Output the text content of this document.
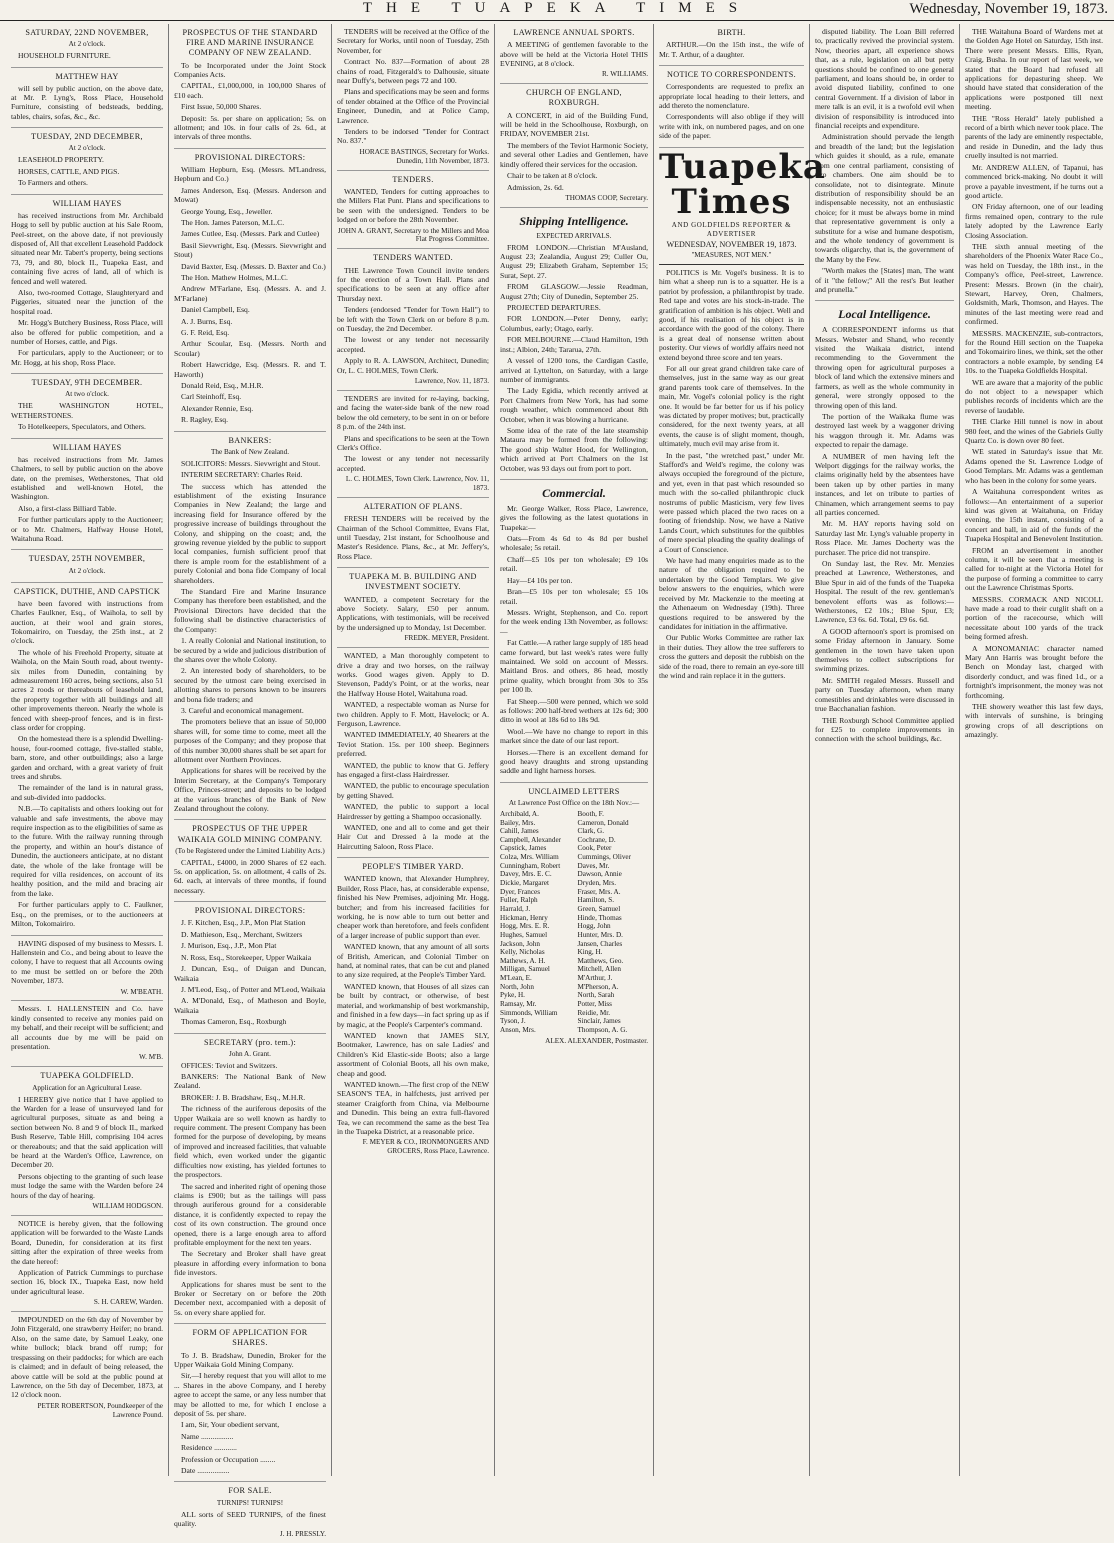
THE TUAPEKA TIMES	Wednesday, November 19, 1873.
SATURDAY, 22ND NOVEMBER,
At 2 o'clock.

HOUSEHOLD FURNITURE.

MATTHEW HAY

will sell by public auction, on the above date, at Mr. P. Lyng's, Ross Place, Household Furniture, consisting of bedsteads, bedding, tables, chairs, sofas, &c., &c.

TUESDAY, 2ND DECEMBER,
At 2 o'clock.

LEASEHOLD PROPERTY.

HORSES, CATTLE, AND PIGS.

To Farmers and others.

WILLIAM HAYES

has received instructions from Mr. Archibald Hogg to sell by public auction at his Sale Room, Peel-street, on the above date, if not previously disposed of, All that excellent Leasehold Paddock situated near Mr. Tabert's property, being sections 73, 79, and 80, block II., Tuapeka East, and containing five acres of land, all of which is fenced and well watered.

Also, two-roomed Cottage, Slaughteryard and Piggeries, situated near the junction of the hospital road.

Mr. Hogg's Butchery Business, Ross Place, will also be offered for public competition, and a number of Horses, cattle, and Pigs.

For particulars, apply to the Auctioneer; or to Mr. Hogg, at his shop, Ross Place.

TUESDAY, 9TH DECEMBER.
At two o'clock.

THE WASHINGTON HOTEL, WETHERSTONES.

To Hotelkeepers, Speculators, and Others.

WILLIAM HAYES

has received instructions from Mr. James Chalmers, to sell by public auction on the above date, on the premises, Wetherstones, That old established and well-known Hotel, the Washington.

Also, a first-class Billiard Table.

For further particulars apply to the Auctioneer; or to Mr. Chalmers, Halfway House Hotel, Waitahuna Road.

TUESDAY, 25TH NOVEMBER,
At 2 o'clock.
CAPSTICK, DUTHIE, AND CAPSTICK

have been favored with instructions from Charles Faulkner, Esq., of Waihola, to sell by auction, at their wool and grain stores, Tokomairiro, on Tuesday, the 25th inst., at 2 o'clock.

The whole of his Freehold Property, situate at Waihola, on the Main South road, about twenty-six miles from Dunedin, containing by admeasurement 160 acres, being sections, also 51 acres 2 roods or thereabouts of leasehold land, the property together with all buildings and all other improvements thereon. Nearly the whole is fenced with sheep-proof fences, and is in first-class order for cropping.

On the homestead there is a splendid Dwelling-house, four-roomed cottage, five-stalled stable, barn, store, and other outbuildings; also a large garden and orchard, with a great variety of fruit trees and shrubs.

The remainder of the land is in natural grass, and sub-divided into paddocks.

N.B.—To capitalists and others looking out for valuable and safe investments, the above may require inspection as to the eligibilities of same as to the future. With the railway running through the property, and within an hour's distance of Dunedin, the auctioneers anticipate, at no distant date, the whole of the lake frontage will be required for villa residences, on account of its healthy position, and the mild and bracing air from the lake.

For further particulars apply to C. Faulkner, Esq., on the premises, or to the auctioneers at Milton, Tokomairiro.

HAVING disposed of my business to Messrs. I. Hallenstein and Co., and being about to leave the colony, I have to request that all Accounts owing to me must be settled on or before the 20th November, 1873.

W. M'BEATH.

Messrs. I. HALLENSTEIN and Co. have kindly consented to receive any monies paid on my behalf, and their receipt will be sufficient; and all accounts due by me will be paid on presentation.

W. M'B.
TUAPEKA GOLDFIELD.
Application for an Agricultural Lease.

I HEREBY give notice that I have applied to the Warden for a lease of unsurveyed land for agricultural purposes, situate as and being a section between No. 8 and 9 of block II., marked Bush Reserve, Table Hill, comprising 104 acres or thereabouts; and that the said application will be heard at the Warden's Office, Lawrence, on December 20.

Persons objecting to the granting of such lease must lodge the same with the Warden before 24 hours of the day of hearing.

WILLIAM HODGSON.

NOTICE is hereby given, that the following application will be forwarded to the Waste Lands Board, Dunedin, for consideration at its first sitting after the expiration of three weeks from the date hereof:

Application of Patrick Cummings to purchase section 16, block IX., Tuapeka East, now held under agricultural lease.

S. H. CAREW, Warden.

IMPOUNDED on the 6th day of November by John Fitzgerald, one strawberry Heifer; no brand. Also, on the same date, by Samuel Leaky, one white bullock; black brand off rump; for trespassing on their paddocks; for which are each is claimed; and in default of being released, the above cattle will be sold at the public pound at Lawrence, on the 5th day of December, 1873, at 12 o'clock noon.

PETER ROBERTSON, Poundkeeper of the Lawrence Pound.
PROSPECTUS OF THE STANDARD FIRE AND MARINE INSURANCE COMPANY OF NEW ZEALAND.

To be Incorporated under the Joint Stock Companies Acts.

CAPITAL, £1,000,000, in 100,000 Shares of £10 each.

First Issue, 50,000 Shares.

Deposit: 5s. per share on application; 5s. on allotment; and 10s. in four calls of 2s. 6d., at intervals of three months.

PROVISIONAL DIRECTORS:

William Hepburn, Esq. (Messrs. M'Landress, Hepburn and Co.)

James Anderson, Esq. (Messrs. Anderson and Mowat)

George Young, Esq., Jeweller.

The Hon. James Paterson, M.L.C.

James Cutlee, Esq. (Messrs. Park and Cutlee)

Basil Sievwright, Esq. (Messrs. Sievwright and Stout)

David Baxter, Esq. (Messrs. D. Baxter and Co.)

The Hon. Mathew Holmes, M.L.C.

Andrew M'Farlane, Esq. (Messrs. A. and J. M'Farlane)

Daniel Campbell, Esq.

A. J. Burns, Esq.

G. F. Reid, Esq.

Arthur Scoular, Esq. (Messrs. North and Scoular)

Robert Hawcridge, Esq. (Messrs. R. and T. Haworth)

Donald Reid, Esq., M.H.R.

Carl Steinhoff, Esq.

Alexander Rennie, Esq.

R. Ragley, Esq.

BANKERS:
The Bank of New Zealand.

SOLICITORS: Messrs. Sievwright and Stout.

INTERIM SECRETARY: Charles Reid.

The success which has attended the establishment of the existing Insurance Companies in New Zealand; the large and increasing field for Insurance offered by the progressive increase of buildings throughout the Colony, and shipping on the coast; and, the growing revenue yielded by the public to support local companies, furnish sufficient proof that there is ample room for the establishment of a purely Colonial and bona fide Company of local shareholders.

The Standard Fire and Marine Insurance Company has therefore been established, and the Provisional Directors have decided that the following shall be distinctive characteristics of the Company:

1. A really Colonial and National institution, to be secured by a wide and judicious distribution of the shares over the whole Colony.

2. An interested body of shareholders, to be secured by the utmost care being exercised in allotting shares to persons known to be insurers and bona fide traders; and

3. Careful and economical management.

The promoters believe that an issue of 50,000 shares will, for some time to come, meet all the purposes of the Company; and they propose that of this number 30,000 shares shall be set apart for allotment over Northern Provinces.

Applications for shares will be received by the Interim Secretary, at the Company's Temporary Office, Princes-street; and deposits to be lodged at the various branches of the Bank of New Zealand throughout the colony.

PROSPECTUS OF THE UPPER WAIKAIA GOLD MINING COMPANY.
(To be Registered under the Limited Liability Acts.)

CAPITAL, £4000, in 2000 Shares of £2 each. 5s. on application, 5s. on allotment, 4 calls of 2s. 6d. each, at intervals of three months, if found necessary.

PROVISIONAL DIRECTORS:

J. F. Kitchen, Esq., J.P., Mon Plat Station

D. Mathieson, Esq., Merchant, Switzers

J. Murison, Esq., J.P., Mon Plat

N. Ross, Esq., Storekeeper, Upper Waikaia

J. Duncan, Esq., of Duigan and Duncan, Waikaia

J. M'Leod, Esq., of Potter and M'Leod, Waikaia

A. M'Donald, Esq., of Matheson and Boyle, Waikaia

Thomas Cameron, Esq., Roxburgh

SECRETARY (pro. tem.):
John A. Grant.

OFFICES: Teviot and Switzers.

BANKERS: The National Bank of New Zealand.

BROKER: J. B. Bradshaw, Esq., M.H.R.

The richness of the auriferous deposits of the Upper Waikaia are so well known as hardly to require comment. The present Company has been formed for the purpose of developing, by means of improved and increased facilities, that valuable field which, even worked under the gigantic difficulties now existing, has yielded fortunes to the prospectors.

The sacred and inherited right of opening those claims is £900; but as the tailings will pass through auriferous ground for a considerable distance, it is confidently expected to repay the cost of its own construction. The ground once opened, there is a large enough area to afford profitable employment for the next ten years.

The Secretary and Broker shall have great pleasure in affording every information to bona fide investors.

Applications for shares must be sent to the Broker or Secretary on or before the 20th December next, accompanied with a deposit of 5s. on every share applied for.

FORM OF APPLICATION FOR SHARES.

To J. B. Bradshaw, Dunedin, Broker for the Upper Waikaia Gold Mining Company.

Sir,—I hereby request that you will allot to me ... Shares in the above Company, and I hereby agree to accept the same, or any less number that may be allotted to me, for which I enclose a deposit of 5s. per share.

I am, Sir, Your obedient servant,

Name .................

Residence ............

Profession or Occupation ........

Date .................

FOR SALE.
TURNIPS! TURNIPS!

ALL sorts of SEED TURNIPS, of the finest quality.

J. H. PRESSLY.

TENDERS will be received at the Office of the Secretary for Works, until noon of Tuesday, 25th November, for

Contract No. 837—Formation of about 28 chains of road, Fitzgerald's to Dalhousie, situate near Duffy's, between pegs 72 and 100.

Plans and specifications may be seen and forms of tender obtained at the Office of the Provincial Engineer, Dunedin, and at Police Camp, Lawrence.

Tenders to be indorsed "Tender for Contract No. 837."

HORACE BASTINGS, Secretary for Works. Dunedin, 11th November, 1873.
TENDERS.

WANTED, Tenders for cutting approaches to the Millers Flat Punt. Plans and specifications to be seen with the undersigned. Tenders to be lodged on or before the 28th November.

JOHN A. GRANT, Secretary to the Millers and Moa Flat Progress Committee.
TENDERS WANTED.

THE Lawrence Town Council invite tenders for the erection of a Town Hall. Plans and specifications to be seen at any office after Thursday next.

Tenders (endorsed "Tender for Town Hall") to be left with the Town Clerk on or before 8 p.m. on Tuesday, the 2nd December.

The lowest or any tender not necessarily accepted.

Apply to R. A. LAWSON, Architect, Dunedin; Or, L. C. HOLMES, Town Clerk.

Lawrence, Nov. 11, 1873.

TENDERS are invited for re-laying, backing, and facing the water-side bank of the new road below the old cemetery, to be sent in on or before 8 p.m. of the 24th inst.

Plans and specifications to be seen at the Town Clerk's Office.

The lowest or any tender not necessarily accepted.

L. C. HOLMES, Town Clerk. Lawrence, Nov. 11, 1873.
ALTERATION OF PLANS.

FRESH TENDERS will be received by the Chairman of the School Committee, Evans Flat, until Tuesday, 21st instant, for Schoolhouse and Master's Residence. Plans, &c., at Mr. Jeffery's, Ross Place.

TUAPEKA M. B. BUILDING AND INVESTMENT SOCIETY.

WANTED, a competent Secretary for the above Society. Salary, £50 per annum. Applications, with testimonials, will be received by the undersigned up to Monday, 1st December.

FREDK. MEYER, President.

WANTED, a Man thoroughly competent to drive a dray and two horses, on the railway works. Good wages given. Apply to D. Stevenson, Paddy's Point, or at the works, near the Halfway House Hotel, Waitahuna road.

WANTED, a respectable woman as Nurse for two children. Apply to F. Mott, Havelock; or A. Ferguson, Lawrence.

WANTED IMMEDIATELY, 40 Shearers at the Teviot Station. 15s. per 100 sheep. Beginners preferred.

WANTED, the public to know that G. Jeffery has engaged a first-class Hairdresser.

WANTED, the public to encourage speculation by getting Shaved.

WANTED, the public to support a local Hairdresser by getting a Shampoo occasionally.

WANTED, one and all to come and get their Hair Cut and Dressed à la mode at the Haircutting Saloon, Ross Place.

PEOPLE'S TIMBER YARD.

WANTED known, that Alexander Humphrey, Builder, Ross Place, has, at considerable expense, finished his New Premises, adjoining Mr. Hogg, butcher; and from his increased facilities for working, he is now able to turn out better and cheaper work than heretofore, and feels confident of a larger increase of public support than ever.

WANTED known, that any amount of all sorts of British, American, and Colonial Timber on hand, at nominal rates, that can be cut and planed to any size required, at the People's Timber Yard.

WANTED known, that Houses of all sizes can be built by contract, or otherwise, of best material, and workmanship of best workmanship, and finished in a few days—in fact spring up as if by magic, at the People's Carpenter's command.

WANTED known that JAMES SLY, Bootmaker, Lawrence, has on sale Ladies' and Children's Kid Elastic-side Boots; also a large assortment of Colonial Boots, all his own make, cheap and good.

WANTED known.—The first crop of the NEW SEASON'S TEA, in halfchests, just arrived per steamer Craigforth from China, via Melbourne and Dunedin. This being an extra full-flavored Tea, we can recommend the same as the best Tea in the Tuapeka District, at a reasonable price.

F. MEYER & CO., IRONMONGERS AND GROCERS, Ross Place, Lawrence.
LAWRENCE ANNUAL SPORTS.

A MEETING of gentlemen favorable to the above will be held at the Victoria Hotel THIS EVENING, at 8 o'clock.

R. WILLIAMS.
CHURCH OF ENGLAND, ROXBURGH.

A CONCERT, in aid of the Building Fund, will be held in the Schoolhouse, Roxburgh, on FRIDAY, NOVEMBER 21st.

The members of the Teviot Harmonic Society, and several other Ladies and Gentlemen, have kindly offered their services for the occasion.

Chair to be taken at 8 o'clock.

Admission, 2s. 6d.

THOMAS COOP, Secretary.
Shipping Intelligence.
EXPECTED ARRIVALS.

FROM LONDON.—Christian M'Ausland, August 23; Zealandia, August 29; Culler Ou, August 29; Elizabeth Graham, September 15; Surat, Sept. 27.

FROM GLASGOW.—Jessie Readman, August 27th; City of Dunedin, September 25.

PROJECTED DEPARTURES.

FOR LONDON.—Peter Denny, early; Columbus, early; Otago, early.

FOR MELBOURNE.—Claud Hamilton, 19th inst.; Albion, 24th; Tararua, 27th.

A vessel of 1200 tons, the Cardigan Castle, arrived at Lyttelton, on Saturday, with a large number of immigrants.

The Lady Egidia, which recently arrived at Port Chalmers from New York, has had some rough weather, which commenced about 8th October, when it was blowing a hurricane.

Some idea of the rate of the late steamship Mataura may be formed from the following: The good ship Walter Hood, for Wellington, which arrived at Port Chalmers on the 1st October, was 93 days out from port to port.

Commercial.

Mr. George Walker, Ross Place, Lawrence, gives the following as the latest quotations in Tuapeka:—

Oats—From 4s 6d to 4s 8d per bushel wholesale; 5s retail.

Chaff—£5 10s per ton wholesale; £9 10s retail.

Hay—£4 10s per ton.

Bran—£5 10s per ton wholesale; £5 10s retail.

Messrs. Wright, Stephenson, and Co. report for the week ending 13th November, as follows:—

Fat Cattle.—A rather large supply of 185 head came forward, but last week's rates were fully maintained. We sold on account of Messrs. Maitland Bros. and others, 86 head, mostly prime quality, which brought from 30s to 35s per 100 lb.

Fat Sheep.—500 were penned, which we sold as follows: 200 half-bred wethers at 12s 6d; 300 ditto in wool at 18s 6d to 18s 9d.

Wool.—We have no change to report in this market since the date of our last report.

Horses.—There is an excellent demand for good heavy draughts and strong upstanding saddle and light harness horses.

UNCLAIMED LETTERS
At Lawrence Post Office on the 18th Nov.:—
Archibald, A.
Bailey, Mrs.
Cahill, James
Campbell, Alexander
Capstick, James
Colza, Mrs. William
Cunningham, Robert
Davey, Mrs. E. C.
Dickie, Margaret
Dyer, Frances
Fuller, Ralph
Harrald, J.
Hickman, Henry
Hogg, Mrs. E. R.
Hughes, Samuel
Jackson, John
Kelly, Nicholas
Mathews, A. H.
Milligan, Samuel
M'Lean, E.
North, John
Pyke, H.
Ramsay, Mr.
Simmonds, William
Tyson, J.
Anson, Mrs.
Booth, F.
Cameron, Donald
Clark, G.
Cochrane, D.
Cook, Peter
Cummings, Oliver
Daves, Mr.
Dawson, Annie
Dryden, Mrs.
Fraser, Mrs. A.
Hamilton, S.
Green, Samuel
Hinde, Thomas
Hogg, John
Hunter, Mrs. D.
Jansen, Charles
King, H.
Matthews, Geo.
Mitchell, Allen
M'Arthur, J.
M'Pherson, A.
North, Sarah
Potter, Miss
Reidie, Mr.
Sinclair, James
Thompson, A. G.
ALEX. ALEXANDER, Postmaster.
BIRTH.

ARTHUR.—On the 15th inst., the wife of Mr. T. Arthur, of a daughter.

NOTICE TO CORRESPONDENTS.

Correspondents are requested to prefix an appropriate local heading to their letters, and add thereto the nomenclature.

Correspondents will also oblige if they will write with ink, on numbered pages, and on one side of the paper.

Tuapeka Times
AND GOLDFIELDS REPORTER & ADVERTISER
WEDNESDAY, NOVEMBER 19, 1873.
"MEASURES, NOT MEN."

POLITICS is Mr. Vogel's business. It is to him what a sheep run is to a squatter. He is a patriot by profession, a philanthropist by trade. Red tape and votes are his stock-in-trade. The gratification of ambition is his object. Well and good, if his realisation of his object is in accordance with the good of the colony. There is a great deal of nonsense written about posterity. Our views of worldly affairs need not extend beyond three score and ten years.

For all our great grand children take care of themselves, just in the same way as our great grand parents took care of themselves. In the main, Mr. Vogel's colonial policy is the right one. It would be far better for us if his policy was dictated by proper motives; but, practically considered, for the next twenty years, at all events, the cause is of slight moment, though, ultimately, much evil may arise from it.

In the past, "the wretched past," under Mr. Stafford's and Weld's regime, the colony was always occupied the foreground of the picture, and yet, even in that past which resounded so much with the so-called philanthropic cluck nostrums of public Masticism, very few lives were passed which placed the two races on a footing of friendship. Now, we have a Native Lands Court, which substitutes for the quibbles of mere special pleading the quality dealings of a Court of Conscience.

We have had many enquiries made as to the nature of the obligation required to be undertaken by the Good Templars. We give below answers to the enquiries, which were received by Mr. Mackenzie to the meeting at the Athenaeum on Wednesday (19th). Three questions required to be answered by the candidates for initiation in the affirmative.

Our Public Works Committee are rather lax in their duties. They allow the tree sufferers to cross the gutters and deposit the rubbish on the side of the road, there to remain an eye-sore till the wind and rain replace it in the gutters.

disputed liability. The Loan Bill referred to, practically revived the provincial system. Now, theories apart, all experience shows that, as a rule, legislation on all but petty questions should be confined to one general parliament, and loans should be, in order to avoid disputed liability, confined to one central Government. If a division of labor in mere talk is an evil, it is a twofold evil when division of responsibility is introduced into financial receipts and expenditure.

Administration should pervade the length and breadth of the land; but the legislation which guides it should, as a rule, emanate from one central parliament, consisting of two chambers. One aim should be to consolidate, not to disintegrate. Minute distribution of responsibility should be an indispensable necessity, not an enthusiastic choice; for it must be always borne in mind that representative government is only a substitute for a wise and humane despotism, and the whole tendency of government is towards oligarchy, that is, the government of the Many by the Few.

"Worth makes the [States] man, The want of it "the fellow;" All the rest's But leather and prunella."

Local Intelligence.

A CORRESPONDENT informs us that Messrs. Webster and Shand, who recently visited the Waikaia district, intend recommending to the Government the throwing open for agricultural purposes a block of land which the extensive miners and farmers, as well as the whole community in general, were strongly opposed to the throwing open of this land.

The portion of the Waikaka flume was destroyed last week by a waggoner driving his waggon through it. Mr. Adams was expected to repair the damage.

A NUMBER of men having left the Welport diggings for the railway works, the claims originally held by the absentees have been taken up by other parties in many instances, and let on tribute to parties of Chinamen, which arrangement seems to pay all parties concerned.

Mr. M. HAY reports having sold on Saturday last Mr. Lyng's valuable property in Ross Place. Mr. James Docherty was the purchaser. The price did not transpire.

On Sunday last, the Rev. Mr. Menzies preached at Lawrence, Wetherstones, and Blue Spur in aid of the funds of the Tuapeka Hospital. The result of the rev. gentleman's benevolent efforts was as follows:—Wetherstones, £2 10s.; Blue Spur, £3; Lawrence, £3 6s. 6d. Total, £9 6s. 6d.

A GOOD afternoon's sport is promised on some Friday afternoon in January. Some gentlemen in the town have taken upon themselves to collect subscriptions for swimming prizes.

Mr. SMITH regaled Messrs. Russell and party on Tuesday afternoon, when many comestibles and drinkables were discussed in true Bacchanalian fashion.

THE Roxburgh School Committee applied for £25 to complete improvements in connection with the school buildings, &c.

THE Waitahuna Board of Wardens met at the Golden Age Hotel on Saturday, 15th inst. There were present Messrs. Ellis, Ryan, Craig, Busha. In our report of last week, we stated that the Board had refused all applications for depasturing sheep. We should have stated that consideration of the applications were postponed till next meeting.

THE "Ross Herald" lately published a record of a birth which never took place. The parents of the lady are eminently respectable, and reside in Dunedin, and the lady thus cruelly insulted is not married.

Mr. ANDREW ALLEN, of Tapanui, has commenced brick-making. No doubt it will prove a payable investment, if he turns out a good article.

ON Friday afternoon, one of our leading firms remained open, contrary to the rule lately adopted by the Lawrence Early Closing Association.

THE sixth annual meeting of the shareholders of the Phoenix Water Race Co., was held on Tuesday, the 18th inst., in the Company's office, Peel-street, Lawrence. Present: Messrs. Brown (in the chair), Stewart, Harvey, Oren, Chalmers, Goldsmith, Mark, Thomson, and Hayes. The minutes of the last meeting were read and confirmed.

MESSRS. MACKENZIE, sub-contractors, for the Round Hill section on the Tuapeka and Tokomairiro lines, we think, set the other contractors a noble example, by sending £4 10s. to the Tuapeka Goldfields Hospital.

WE are aware that a majority of the public do not object to a newspaper which publishes records of incidents which are the reverse of laudable.

THE Clarke Hill tunnel is now in about 980 feet, and the wines of the Gabriels Gully Quartz Co. is down over 80 feet.

WE stated in Saturday's issue that Mr. Adams opened the St. Lawrence Lodge of Good Templars. Mr. Adams was a gentleman who has been in the colony for some years.

A Waitahuna correspondent writes as follows:—An entertainment of a superior kind was given at Waitahuna, on Friday evening, the 15th instant, consisting of a concert and ball, in aid of the funds of the Tuapeka Hospital and Benevolent Institution.

FROM an advertisement in another column, it will be seen that a meeting is called for to-night at the Victoria Hotel for the purpose of forming a committee to carry out the Lawrence Christmas Sports.

MESSRS. CORMACK AND NICOLL have made a road to their cutglit shaft on a portion of the racecourse, which will necessitate about 100 yards of the track being formed afresh.

A MONOMANIAC character named Mary Ann Harris was brought before the Bench on Monday last, charged with disorderly conduct, and was fined 1d., or a fortnight's imprisonment, the money was not forthcoming.

THE showery weather this last few days, with intervals of sunshine, is bringing growing crops of all descriptions on amazingly.
